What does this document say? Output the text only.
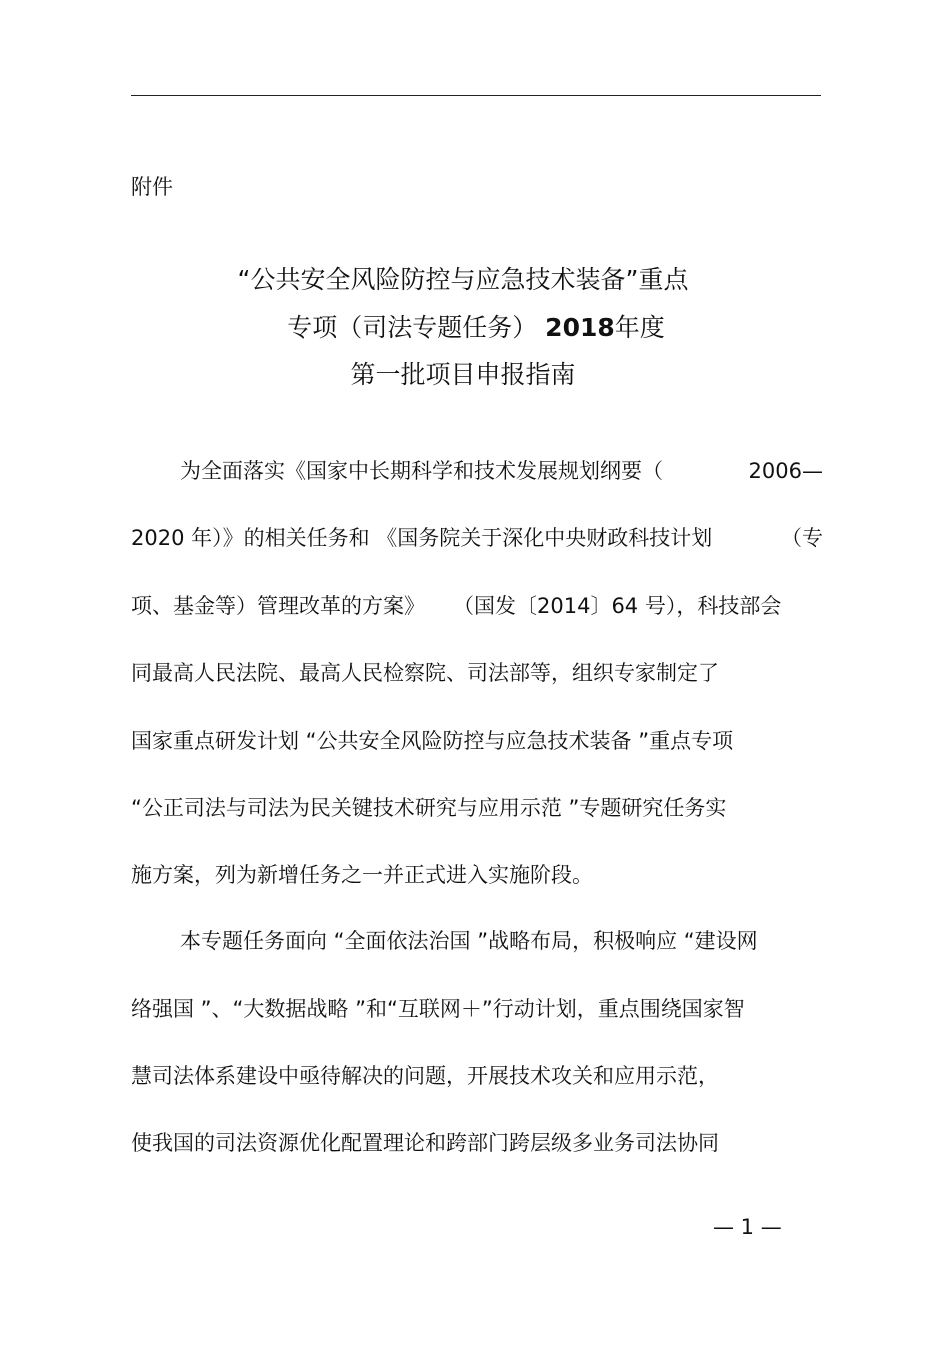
附件
“公共安全风险防控与应急技术装备”重点
专项（司法专题任务） 2018年度
第一批项目申报指南
为全面落实《国家中长期科学和技术发展规划纲要（	2006—
2020 年）》的相关任务和 《国务院关于深化中央财政科技计划	（专
项、基金等）管理改革的方案》 （国发〔2014〕64 号），科技部会
同最高人民法院、最高人民检察院、司法部等，组织专家制定了
国家重点研发计划 “公共安全风险防控与应急技术装备 ”重点专项
“公正司法与司法为民关键技术研究与应用示范 ”专题研究任务实
施方案，列为新增任务之一并正式进入实施阶段。
本专题任务面向 “全面依法治国 ”战略布局，积极响应 “建设网
络强国 ”、“大数据战略 ”和“互联网＋”行动计划，重点围绕国家智
慧司法体系建设中亟待解决的问题，开展技术攻关和应用示范，
使我国的司法资源优化配置理论和跨部门跨层级多业务司法协同
— 1 —
